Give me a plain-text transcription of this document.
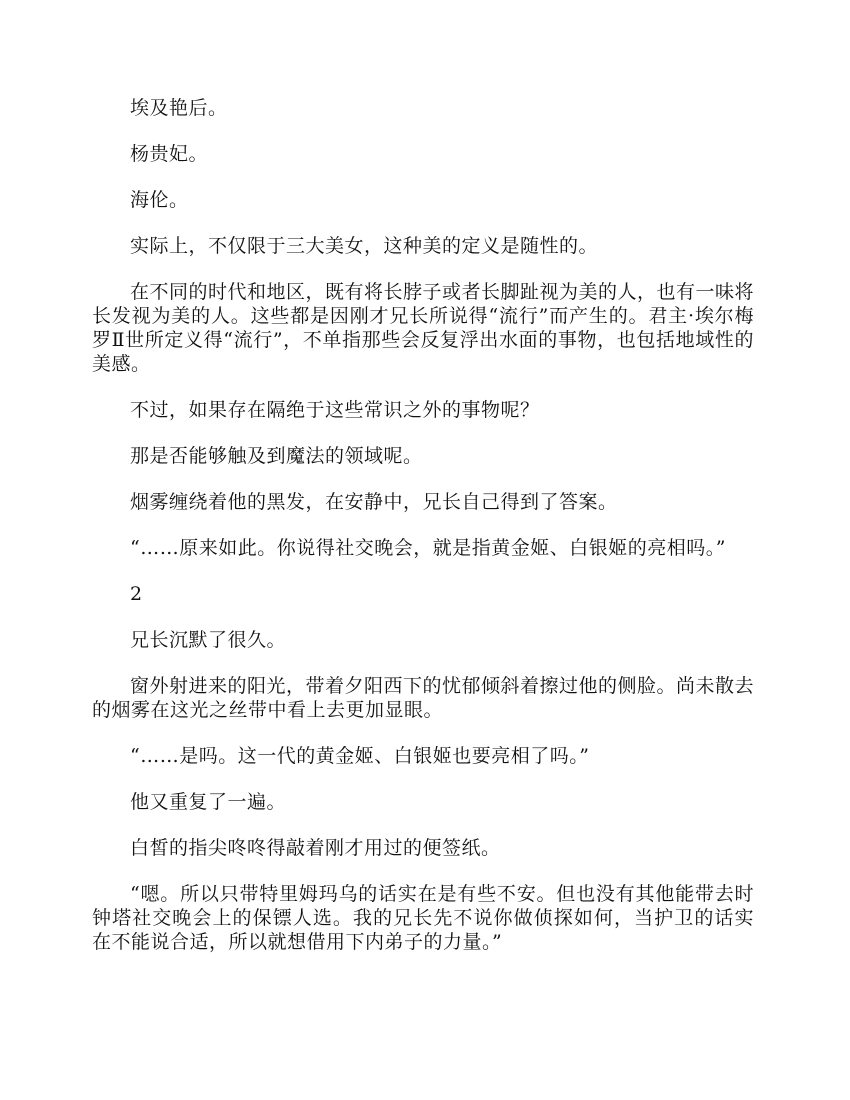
埃及艳后。

杨贵妃。

海伦。

实际上，不仅限于三大美女，这种美的定义是随性的。

在不同的时代和地区，既有将长脖子或者长脚趾视为美的人，也有一味将长发视为美的人。这些都是因刚才兄长所说得“流行”而产生的。君主·埃尔梅罗Ⅱ世所定义得“流行”，不单指那些会反复浮出水面的事物，也包括地域性的美感。

不过，如果存在隔绝于这些常识之外的事物呢？

那是否能够触及到魔法的领域呢。

烟雾缠绕着他的黑发，在安静中，兄长自己得到了答案。

“……原来如此。你说得社交晚会，就是指黄金姬、白银姬的亮相吗。”

2

兄长沉默了很久。

窗外射进来的阳光，带着夕阳西下的忧郁倾斜着擦过他的侧脸。尚未散去的烟雾在这光之丝带中看上去更加显眼。

“……是吗。这一代的黄金姬、白银姬也要亮相了吗。”

他又重复了一遍。

白皙的指尖咚咚得敲着刚才用过的便签纸。

“嗯。所以只带特里姆玛乌的话实在是有些不安。但也没有其他能带去时钟塔社交晚会上的保镖人选。我的兄长先不说你做侦探如何，当护卫的话实在不能说合适，所以就想借用下内弟子的力量。”
